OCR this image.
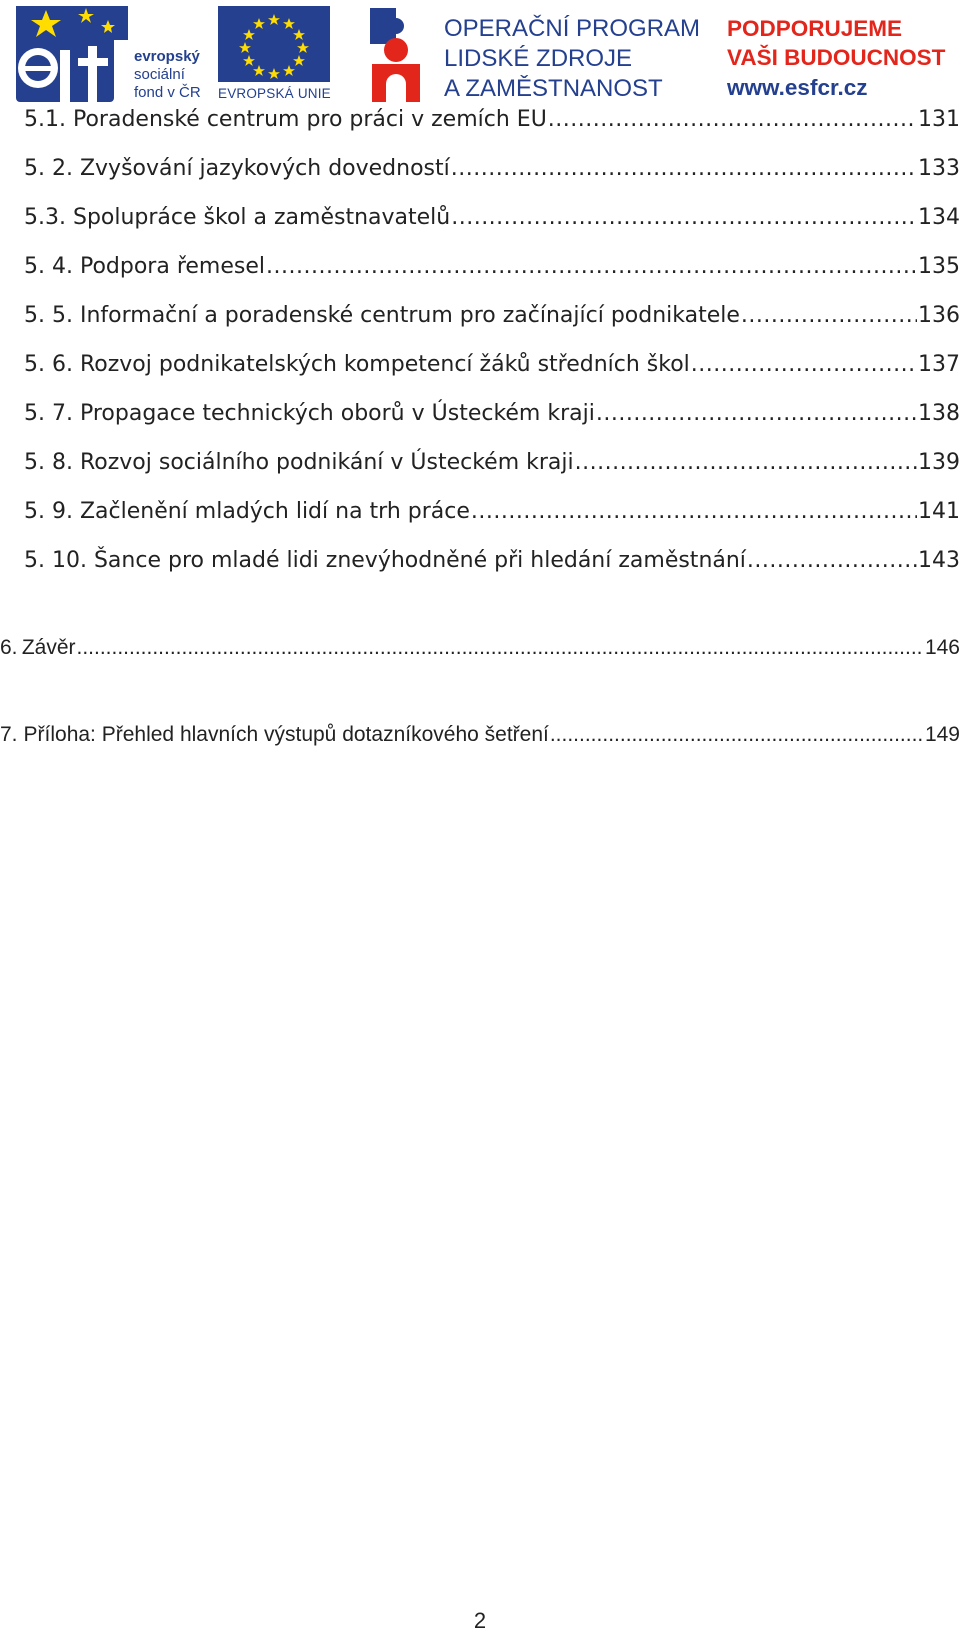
evropský
sociální
fond v ČR EVROPSKÁ UNIE
OPERAČNÍ PROGRAM
LIDSKÉ ZDROJE
A ZAMĚSTNANOST
PODPORUJEME
VAŠI BUDOUCNOST
www.esfcr.cz
5.1. Poradenské centrum pro práci v zemích EU .....	131
5. 2. Zvyšování jazykových dovedností .....	133
5.3. Spolupráce škol a zaměstnavatelů .....	134
5. 4. Podpora řemesel .....	135
5. 5. Informační a poradenské centrum pro začínající podnikatele .....	136
5. 6. Rozvoj podnikatelských kompetencí žáků středních škol .....	137
5. 7. Propagace technických oborů v Ústeckém kraji .....	138
5. 8. Rozvoj sociálního podnikání v Ústeckém kraji .....	139
5. 9. Začlenění mladých lidí na trh práce .....	141
5. 10. Šance pro mladé lidi znevýhodněné při hledání zaměstnání .....	143
6. Závěr .....	146
7. Příloha: Přehled hlavních výstupů dotazníkového šetření .....	149
2
